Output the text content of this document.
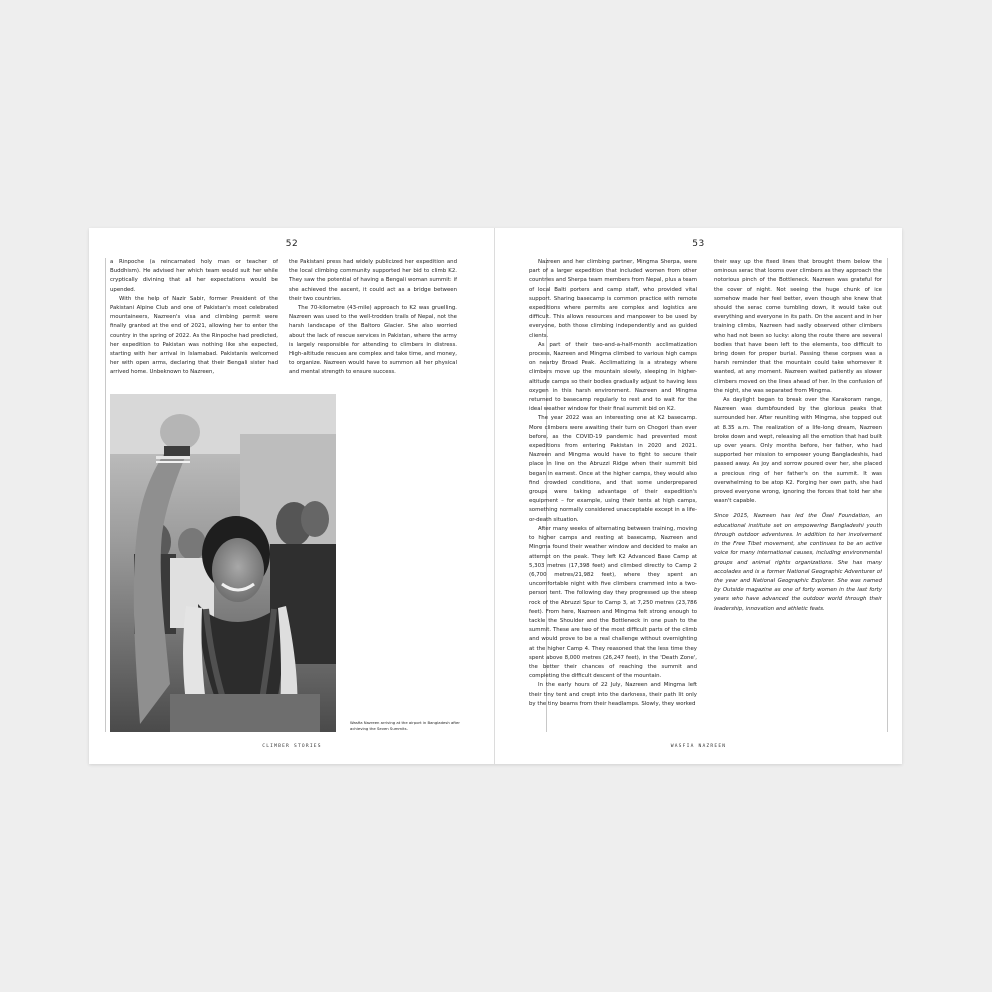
52

a Rinpoche (a reincarnated holy man or teacher of Buddhism). He advised her which team would suit her while cryptically divining that all her expectations would be upended.

With the help of Nazir Sabir, former President of the Pakistani Alpine Club and one of Pakistan's most celebrated mountaineers, Nazreen's visa and climbing permit were finally granted at the end of 2021, allowing her to enter the country in the spring of 2022. As the Rinpoche had predicted, her expedition to Pakistan was nothing like she expected, starting with her arrival in Islamabad. Pakistanis welcomed her with open arms, declaring that their Bengali sister had arrived home. Unbeknown to Nazreen,

the Pakistani press had widely publicized her expedition and the local climbing community supported her bid to climb K2. They saw the potential of having a Bengali woman summit: if she achieved the ascent, it could act as a bridge between their two countries.

The 70-kilometre (43-mile) approach to K2 was gruelling. Nazreen was used to the well-trodden trails of Nepal, not the harsh landscape of the Baltoro Glacier. She also worried about the lack of rescue services in Pakistan, where the army is largely responsible for attending to climbers in distress. High-altitude rescues are complex and take time, and money, to organize. Nazreen would have to summon all her physical and mental strength to ensure success.

Wasfia Nazreen arriving at the airport in Bangladesh after achieving the Seven Summits.
CLIMBER STORIES
53

Nazreen and her climbing partner, Mingma Sherpa, were part of a larger expedition that included women from other countries and Sherpa team members from Nepal, plus a team of local Balti porters and camp staff, who provided vital support. Sharing basecamp is common practice with remote expeditions where permits are complex and logistics are difficult. This allows resources and manpower to be used by everyone, both those climbing independently and as guided clients.

As part of their two-and-a-half-month acclimatization process, Nazreen and Mingma climbed to various high camps on nearby Broad Peak. Acclimatizing is a strategy where climbers move up the mountain slowly, sleeping in higher-altitude camps so their bodies gradually adjust to having less oxygen in this harsh environment. Nazreen and Mingma returned to basecamp regularly to rest and to wait for the ideal weather window for their final summit bid on K2.

The year 2022 was an interesting one at K2 basecamp. More climbers were awaiting their turn on Chogori than ever before, as the COVID-19 pandemic had prevented most expeditions from entering Pakistan in 2020 and 2021. Nazreen and Mingma would have to fight to secure their place in line on the Abruzzi Ridge when their summit bid began in earnest. Once at the higher camps, they would also find crowded conditions, and that some underprepared groups were taking advantage of their expedition's equipment – for example, using their tents at high camps, something normally considered unacceptable except in a life-or-death situation.

After many weeks of alternating between training, moving to higher camps and resting at basecamp, Nazreen and Mingma found their weather window and decided to make an attempt on the peak. They left K2 Advanced Base Camp at 5,303 metres (17,398 feet) and climbed directly to Camp 2 (6,700 metres/21,982 feet), where they spent an uncomfortable night with five climbers crammed into a two-person tent. The following day they progressed up the steep rock of the Abruzzi Spur to Camp 3, at 7,250 metres (23,786 feet). From here, Nazreen and Mingma felt strong enough to tackle the Shoulder and the Bottleneck in one push to the summit. These are two of the most difficult parts of the climb and would prove to be a real challenge without overnighting at the higher Camp 4. They reasoned that the less time they spent above 8,000 metres (26,247 feet), in the 'Death Zone', the better their chances of reaching the summit and completing the difficult descent of the mountain.

In the early hours of 22 July, Nazreen and Mingma left their tiny tent and crept into the darkness, their path lit only by the tiny beams from their headlamps. Slowly, they worked

their way up the fixed lines that brought them below the ominous serac that looms over climbers as they approach the notorious pinch of the Bottleneck. Nazreen was grateful for the cover of night. Not seeing the huge chunk of ice somehow made her feel better, even though she knew that should the serac come tumbling down, it would take out everything and everyone in its path. On the ascent and in her training climbs, Nazreen had sadly observed other climbers who had not been so lucky: along the route there are several bodies that have been left to the elements, too difficult to bring down for proper burial. Passing these corpses was a harsh reminder that the mountain could take whomever it wanted, at any moment. Nazreen waited patiently as slower climbers moved on the lines ahead of her. In the confusion of the night, she was separated from Mingma.

As daylight began to break over the Karakoram range, Nazreen was dumbfounded by the glorious peaks that surrounded her. After reuniting with Mingma, she topped out at 8.35 a.m. The realization of a life-long dream, Nazreen broke down and wept, releasing all the emotion that had built up over years. Only months before, her father, who had supported her mission to empower young Bangladeshis, had passed away. As joy and sorrow poured over her, she placed a precious ring of her father's on the summit. It was overwhelming to be atop K2. Forging her own path, she had proved everyone wrong, ignoring the forces that told her she wasn't capable.

Since 2015, Nazreen has led the Ösel Foundation, an educational institute set on empowering Bangladeshi youth through outdoor adventures. In addition to her involvement in the Free Tibet movement, she continues to be an active voice for many international causes, including environmental groups and animal rights organizations. She has many accolades and is a former National Geographic Adventurer of the year and National Geographic Explorer. She was named by Outside magazine as one of forty women in the last forty years who have advanced the outdoor world through their leadership, innovation and athletic feats.

WASFIA NAZREEN
